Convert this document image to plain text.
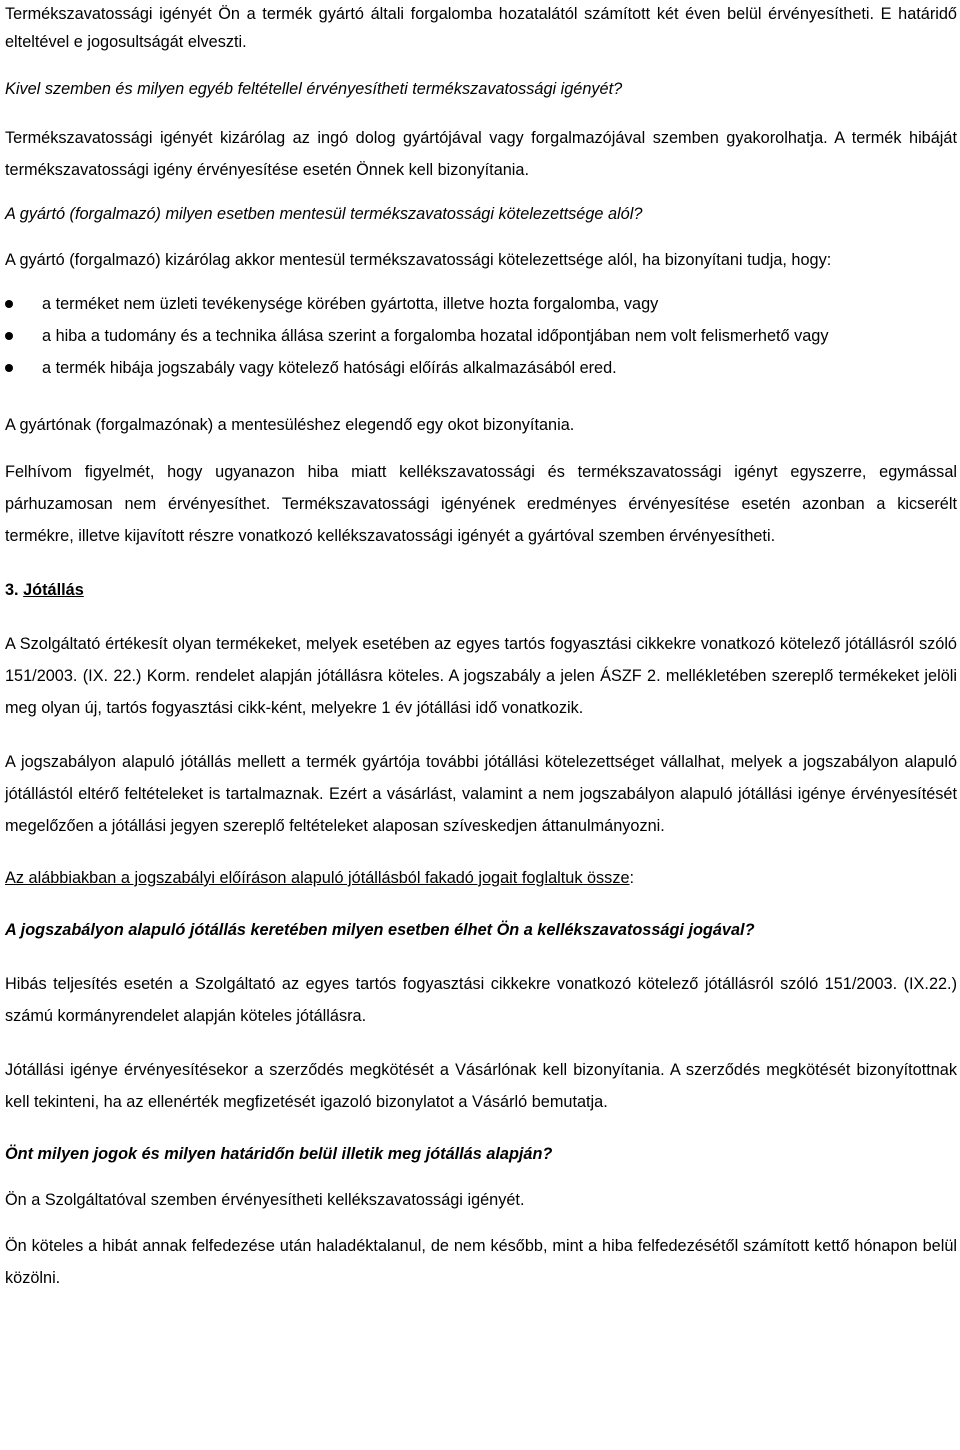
Termékszavatossági igényét Ön a termék gyártó általi forgalomba hozatalától számított két éven belül érvényesítheti. E határidő elteltével e jogosultságát elveszti.

Kivel szemben és milyen egyéb feltétellel érvényesítheti termékszavatossági igényét?

Termékszavatossági igényét kizárólag az ingó dolog gyártójával vagy forgalmazójával szemben gyakorolhatja. A termék hibáját termékszavatossági igény érvényesítése esetén Önnek kell bizonyítania.

A gyártó (forgalmazó) milyen esetben mentesül termékszavatossági kötelezettsége alól?

A gyártó (forgalmazó) kizárólag akkor mentesül termékszavatossági kötelezettsége alól, ha bizonyítani tudja, hogy:

a terméket nem üzleti tevékenysége körében gyártotta, illetve hozta forgalomba, vagy
a hiba a tudomány és a technika állása szerint a forgalomba hozatal időpontjában nem volt felismerhető vagy
a termék hibája jogszabály vagy kötelező hatósági előírás alkalmazásából ered.

A gyártónak (forgalmazónak) a mentesüléshez elegendő egy okot bizonyítania.

Felhívom figyelmét, hogy ugyanazon hiba miatt kellékszavatossági és termékszavatossági igényt egyszerre, egymással párhuzamosan nem érvényesíthet. Termékszavatossági igényének eredményes érvényesítése esetén azonban a kicserélt termékre, illetve kijavított részre vonatkozó kellékszavatossági igényét a gyártóval szemben érvényesítheti.

3. Jótállás

A Szolgáltató értékesít olyan termékeket, melyek esetében az egyes tartós fogyasztási cikkekre vonatkozó kötelező jótállásról szóló 151/2003. (IX. 22.) Korm. rendelet alapján jótállásra köteles. A jogszabály a jelen ÁSZF 2. mellékletében szereplő termékeket jelöli meg olyan új, tartós fogyasztási cikk-ként, melyekre 1 év jótállási idő vonatkozik.

A jogszabályon alapuló jótállás mellett a termék gyártója további jótállási kötelezettséget vállalhat, melyek a jogszabályon alapuló jótállástól eltérő feltételeket is tartalmaznak. Ezért a vásárlást, valamint a nem jogszabályon alapuló jótállási igénye érvényesítését megelőzően a jótállási jegyen szereplő feltételeket alaposan szíveskedjen áttanulmányozni.

Az alábbiakban a jogszabályi előíráson alapuló jótállásból fakadó jogait foglaltuk össze:

A jogszabályon alapuló jótállás keretében milyen esetben élhet Ön a kellékszavatossági jogával?

Hibás teljesítés esetén a Szolgáltató az egyes tartós fogyasztási cikkekre vonatkozó kötelező jótállásról szóló 151/2003. (IX.22.) számú kormányrendelet alapján köteles jótállásra.

Jótállási igénye érvényesítésekor a szerződés megkötését a Vásárlónak kell bizonyítania. A szerződés megkötését bizonyítottnak kell tekinteni, ha az ellenérték megfizetését igazoló bizonylatot a Vásárló bemutatja.

Önt milyen jogok és milyen határidőn belül illetik meg jótállás alapján?

Ön a Szolgáltatóval szemben érvényesítheti kellékszavatossági igényét.

Ön köteles a hibát annak felfedezése után haladéktalanul, de nem később, mint a hiba felfedezésétől számított kettő hónapon belül közölni.
